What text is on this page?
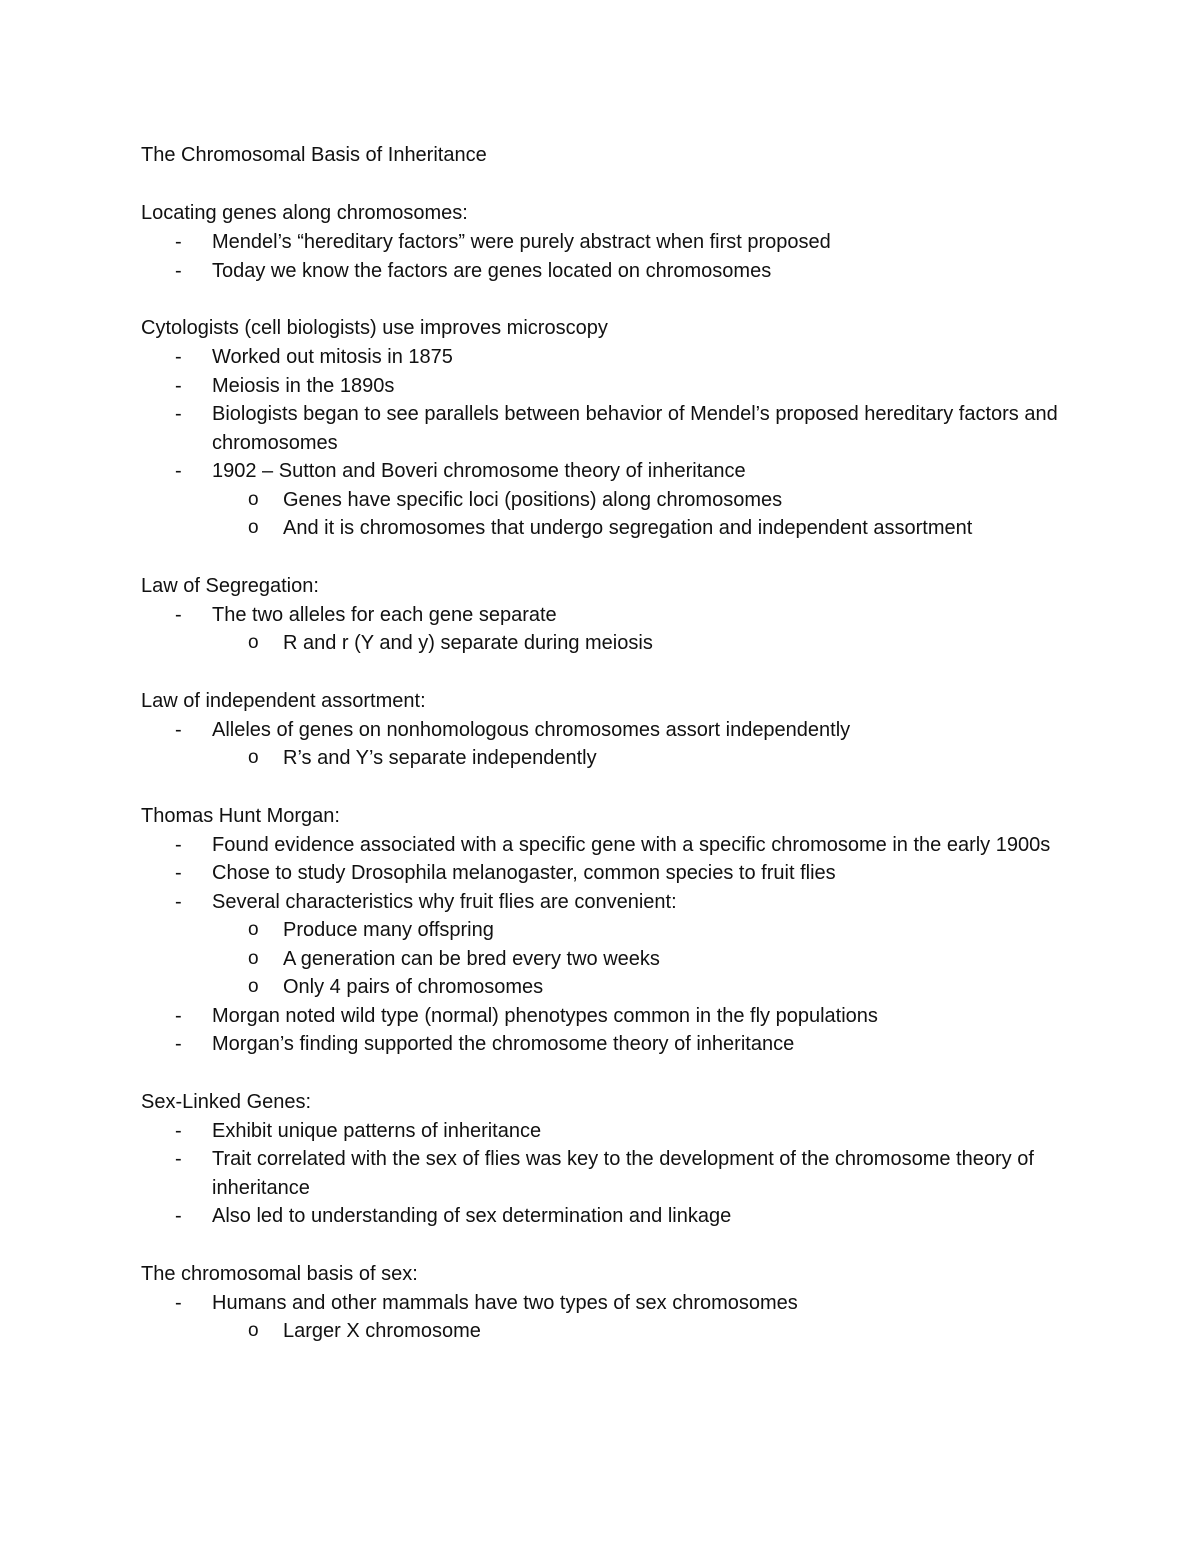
The Chromosomal Basis of Inheritance
Locating genes along chromosomes:
- Mendel’s “hereditary factors” were purely abstract when first proposed
- Today we know the factors are genes located on chromosomes
Cytologists (cell biologists) use improves microscopy
- Worked out mitosis in 1875
- Meiosis in the 1890s
- Biologists began to see parallels between behavior of Mendel’s proposed hereditary factors and chromosomes
- 1902 – Sutton and Boveri chromosome theory of inheritance
o Genes have specific loci (positions) along chromosomes
o And it is chromosomes that undergo segregation and independent assortment
Law of Segregation:
- The two alleles for each gene separate
o R and r (Y and y) separate during meiosis
Law of independent assortment:
- Alleles of genes on nonhomologous chromosomes assort independently
o R’s and Y’s separate independently
Thomas Hunt Morgan:
- Found evidence associated with a specific gene with a specific chromosome in the early 1900s
- Chose to study Drosophila melanogaster, common species to fruit flies
- Several characteristics why fruit flies are convenient:
o Produce many offspring
o A generation can be bred every two weeks
o Only 4 pairs of chromosomes
- Morgan noted wild type (normal) phenotypes common in the fly populations
- Morgan’s finding supported the chromosome theory of inheritance
Sex-Linked Genes:
- Exhibit unique patterns of inheritance
- Trait correlated with the sex of flies was key to the development of the chromosome theory of inheritance
- Also led to understanding of sex determination and linkage
The chromosomal basis of sex:
- Humans and other mammals have two types of sex chromosomes
o Larger X chromosome
